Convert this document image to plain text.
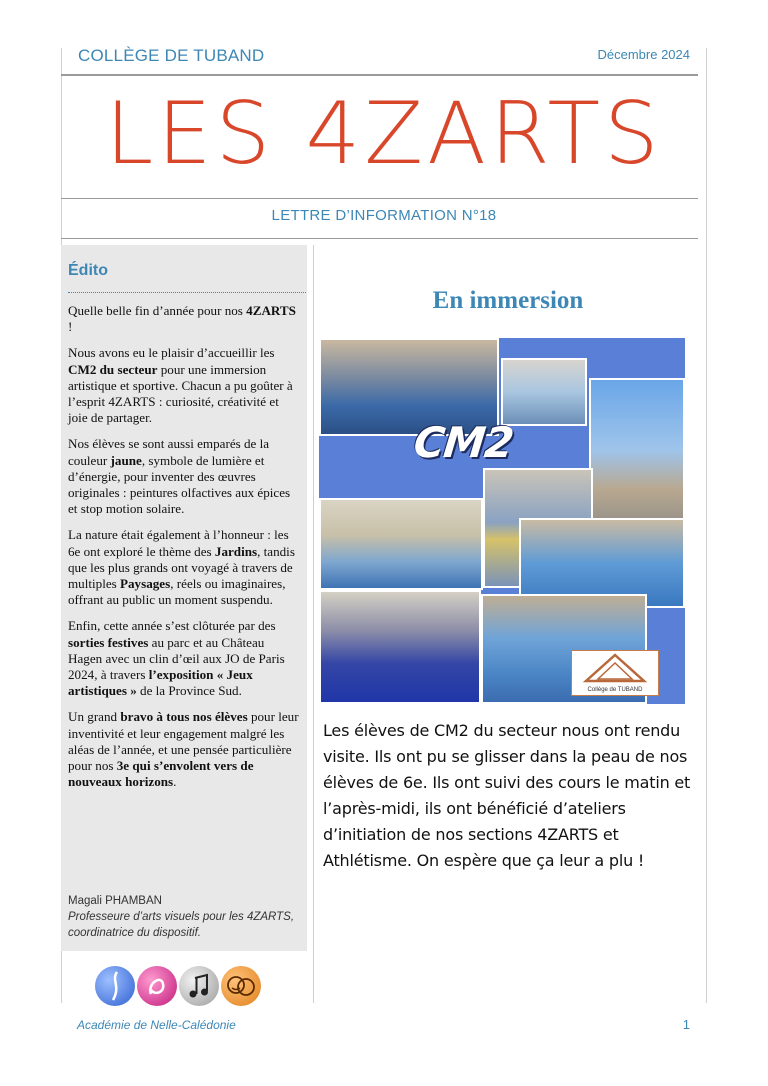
COLLÈGE DE TUBAND	Décembre 2024
LES 4ZARTS
LETTRE D’INFORMATION N°18
Édito

Quelle belle fin d’année pour nos 4ZARTS !

Nous avons eu le plaisir d’accueillir les CM2 du secteur pour une immersion artistique et sportive. Chacun a pu goûter à l’esprit 4ZARTS : curiosité, créativité et joie de partager.

Nos élèves se sont aussi emparés de la couleur jaune, symbole de lumière et d’énergie, pour inventer des œuvres originales : peintures olfactives aux épices et stop motion solaire.

La nature était également à l’honneur : les 6e ont exploré le thème des Jardins, tandis que les plus grands ont voyagé à travers de multiples Paysages, réels ou imaginaires, offrant au public un moment suspendu.

Enfin, cette année s’est clôturée par des sorties festives au parc et au Château Hagen avec un clin d’œil aux JO de Paris 2024, à travers l’exposition « Jeux artistiques » de la Province Sud.

Un grand bravo à tous nos élèves pour leur inventivité et leur engagement malgré les aléas de l’année, et une pensée particulière pour nos 3e qui s’envolent vers de nouveaux horizons.

Magali PHAMBAN
Professeure d’arts visuels pour les 4ZARTS, coordinatrice du dispositif.
En immersion
CM2
Collège de TUBAND
Les élèves de CM2 du secteur nous ont rendu visite. Ils ont pu se glisser dans la peau de nos élèves de 6e. Ils ont suivi des cours le matin et l’après-midi, ils ont bénéficié d’ateliers d’initiation de nos sections 4ZARTS et Athlétisme. On espère que ça leur a plu !
Académie de Nelle-Calédonie	1
